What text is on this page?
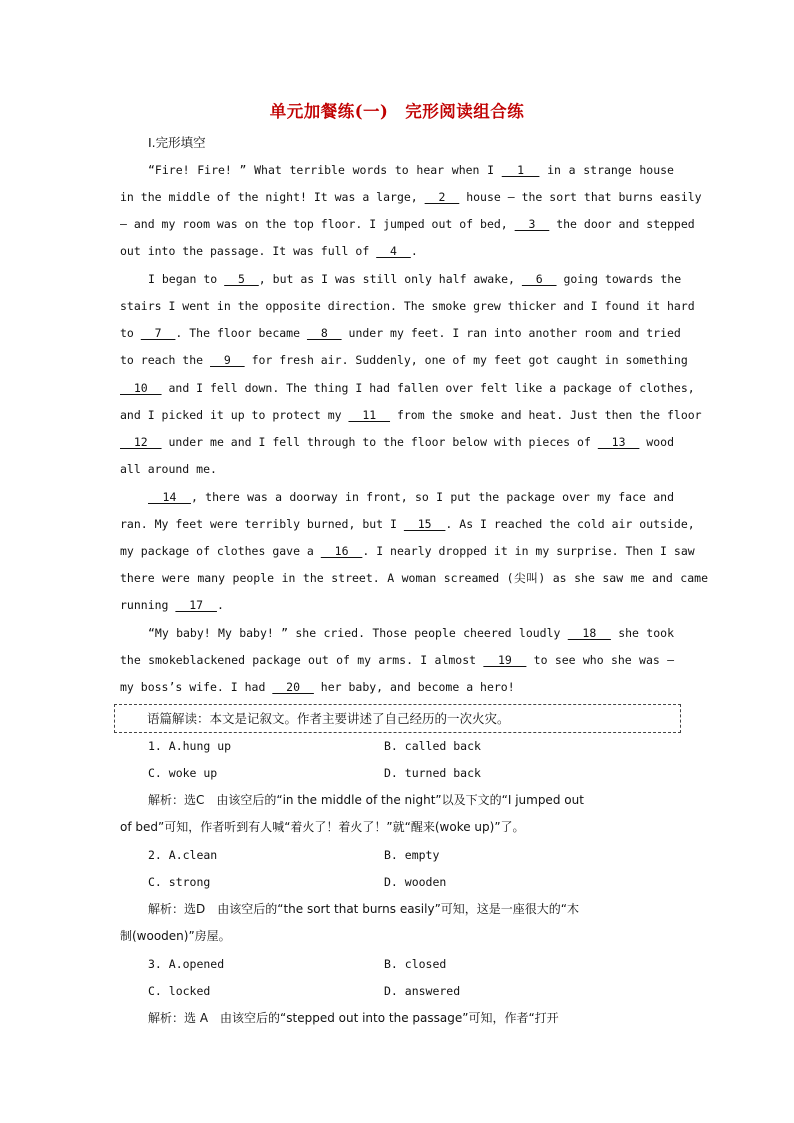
单元加餐练(一)　完形阅读组合练
Ⅰ.完形填空
“Fire! Fire! ” What terrible words to hear when I   1   in a strange house
in the middle of the night! It was a large,   2   house — the sort that burns easily
— and my room was on the top floor. I jumped out of bed,   3   the door and stepped
out into the passage. It was full of   4  .
I began to   5  , but as I was still only half awake,   6   going towards the
stairs I went in the opposite direction. The smoke grew thicker and I found it hard
to   7  . The floor became   8   under my feet. I ran into another room and tried
to reach the   9   for fresh air. Suddenly, one of my feet got caught in something
10   and I fell down. The thing I had fallen over felt like a package of clothes,
and I picked it up to protect my   11   from the smoke and heat. Just then the floor
12   under me and I fell through to the floor below with pieces of   13   wood
all around me.
14  , there was a doorway in front, so I put the package over my face and
ran. My feet were terribly burned, but I   15  . As I reached the cold air outside,
my package of clothes gave a   16  . I nearly dropped it in my surprise. Then I saw
there were many people in the street. A woman screamed (尖叫) as she saw me and came
running   17  .
“My baby! My baby! ” she cried. Those people cheered loudly   18   she took
the smokeblackened package out of my arms. I almost   19   to see who she was —
my boss’s wife. I had   20   her baby, and become a hero!
语篇解读：本文是记叙文。作者主要讲述了自己经历的一次火灾。
1. A.hung up	B. called back
C. woke up	D. turned back
解析：选C　由该空后的“in the middle of the night”以及下文的“I jumped out
of bed”可知，作者听到有人喊“着火了！着火了！”就“醒来(woke up)”了。
2. A.clean	B. empty
C. strong	D. wooden
解析：选D　由该空后的“the sort that burns easily”可知，这是一座很大的“木
制(wooden)”房屋。
3. A.opened	B. closed
C. locked	D. answered
解析：选 A　由该空后的“stepped out into the passage”可知，作者“打开
